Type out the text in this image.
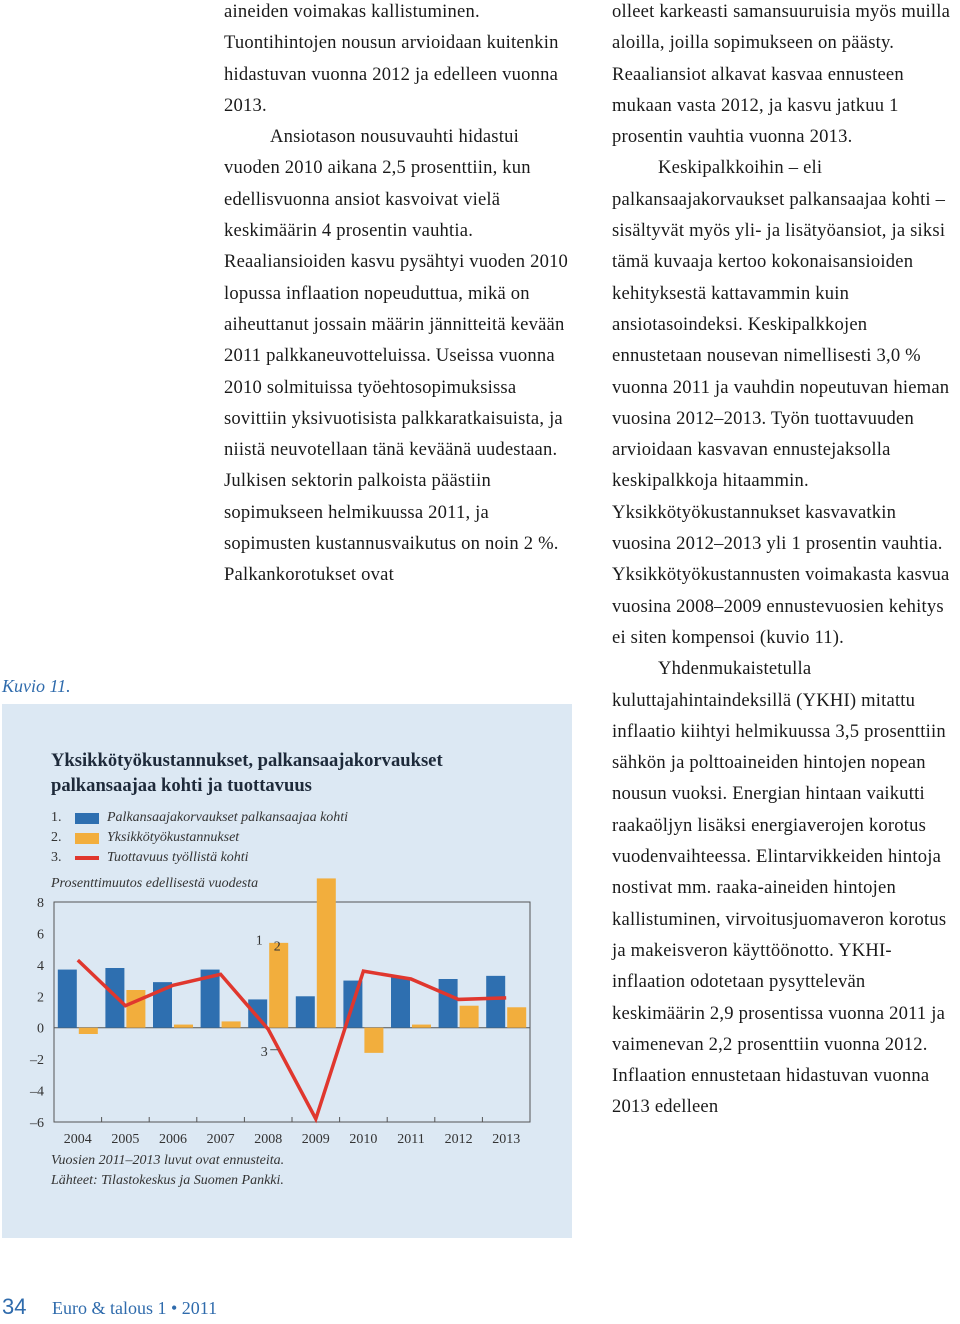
aineiden voimakas kallistuminen. Tuontihintojen nousun arvioidaan kuitenkin hidastuvan vuonna 2012 ja edelleen vuonna 2013.

Ansiotason nousuvauhti hidastui vuoden 2010 aikana 2,5 prosenttiin, kun edellisvuonna ansiot kasvoivat vielä keskimäärin 4 prosentin vauhtia. Reaaliansioiden kasvu pysähtyi vuoden 2010 lopussa inflaation nopeuduttua, mikä on aiheuttanut jossain määrin jännitteitä kevään 2011 palkkaneuvotteluissa. Useissa vuonna 2010 solmituissa työehtosopimuksissa sovittiin yksivuotisista palkkaratkaisuista, ja niistä neuvotellaan tänä keväänä uudestaan. Julkisen sektorin palkoista päästiin sopimukseen helmikuussa 2011, ja sopimusten kustannusvaikutus on noin 2 %. Palkankorotukset ovat

olleet karkeasti samansuuruisia myös muilla aloilla, joilla sopimukseen on päästy. Reaaliansiot alkavat kasvaa ennusteen mukaan vasta 2012, ja kasvu jatkuu 1 prosentin vauhtia vuonna 2013.

Keskipalkkoihin – eli palkansaajakorvaukset palkansaajaa kohti – sisältyvät myös yli- ja lisätyöansiot, ja siksi tämä kuvaaja kertoo kokonaisansioiden kehityksestä kattavammin kuin ansiotasoindeksi. Keskipalkkojen ennustetaan nousevan nimellisesti 3,0 % vuonna 2011 ja vauhdin nopeutuvan hieman vuosina 2012–2013. Työn tuottavuuden arvioidaan kasvavan ennustejaksolla keskipalkkoja hitaammin. Yksikkötyökustannukset kasvavatkin vuosina 2012–2013 yli 1 prosentin vauhtia. Yksikkötyökustannusten voimakasta kasvua vuosina 2008–2009 ennustevuosien kehitys ei siten kompensoi (kuvio 11).

Yhdenmukaistetulla kuluttajahintaindeksillä (YKHI) mitattu inflaatio kiihtyi helmikuussa 3,5 prosenttiin sähkön ja polttoaineiden hintojen nopean nousun vuoksi. Energian hintaan vaikutti raakaöljyn lisäksi energiaverojen korotus vuodenvaihteessa. Elintarvikkeiden hintoja nostivat mm. raaka-aineiden hintojen kallistuminen, virvoitusjuomaveron korotus ja makeisveron käyttöönotto. YKHI-inflaation odotetaan pysyttelevän keskimäärin 2,9 prosentissa vuonna 2011 ja vaimenevan 2,2 prosenttiin vuonna 2012. Inflaation ennustetaan hidastuvan vuonna 2013 edelleen

Kuvio 11.

Yksikkötyökustannukset, palkansaajakorvaukset
palkansaajaa kohti ja tuottavuus

1.	Palkansaajakorvaukset palkansaajaa kohti
2.	Yksikkötyökustannukset
3.	Tuottavuus työllistä kohti
Prosenttimuutos edellisestä vuodesta
8
6
4
2
0
–2
–4
–6
2004 2005 2006 2007 2008 2009 2010 2011 2012 2013
1 2
3
Vuosien 2011–2013 luvut ovat ennusteita.
Lähteet: Tilastokeskus ja Suomen Pankki.
34 Euro & talous 1 • 2011
